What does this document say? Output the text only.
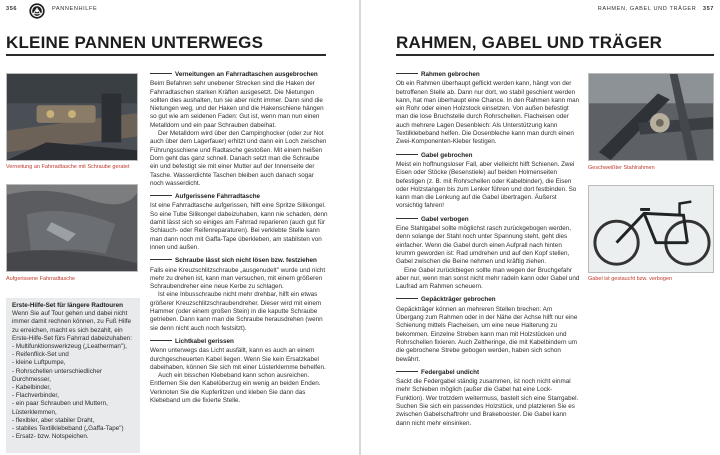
356	PANNENHILFE
KLEINE PANNEN UNTERWEGS
Verneitung an Fahrradtasche mit Schraube geratet
Aufgerissene Fahrradtasche
Erste-Hilfe-Set für längere Radtouren

Wenn Sie auf Tour gehen und dabei nicht immer damit rechnen können, zu Fuß Hilfe zu erreichen, macht es sich bezahlt, ein Erste-Hilfe-Set fürs Fahrrad dabeizuhaben:

- Multifunktionswerkzeug („Leatherman"),
- Reifenflick-Set und
- kleine Luftpumpe,
- Rohrschellen unterschiedlicher Durchmesser,
- Kabelbinder,
- Flachverbinder,
- ein paar Schrauben und Muttern, Lüsterklemmen,
- flexibler, aber stabiler Draht,
- stabiles Textilklebeband („Gaffa-Tape")
- Ersatz- bzw. Notspeichen.
Verneitungen an Fahrradtaschen ausgebrochen

Beim Befahren sehr unebener Strecken sind die Haken der Fahrradtaschen starken Kräften ausgesetzt. Die Nietungen sollten dies aushalten, tun sie aber nicht immer. Dann sind die Nietungen weg, und der Haken und die Hakenschiene hängen so gut wie am seidenen Faden: Gut ist, wenn man nun einen Metalldorn und ein paar Schrauben dabeihat.

Der Metalldorn wird über den Campinghocker (oder zur Not auch über dem Lagerfauer) erhitzt und dann ein Loch zwischen Führungsschiene und Radtasche gestoßen. Mit einem heißen Dorn geht das ganz schnell. Danach setzt man die Schraube ein und befestigt sie mit einer Mutter auf der Innenseite der Tasche. Wasserdichte Taschen bleiben auch danach sogar noch wasserdicht.

Aufgerissene Fahrradtasche

Ist eine Fahrradtasche aufgerissen, hilft eine Spritze Silikongel. So eine Tube Silikongel dabeizuhaben, kann nie schaden, denn damit lässt sich so einiges am Fahrrad reparieren (auch gut für Schlauch- oder Reifenreparaturen). Bei verklebte Stelle kann man dann noch mit Gaffa-Tape überkleben, am stabilsten von innen und außen.

Schraube lässt sich nicht lösen bzw. festziehen

Falls eine Kreuzschlitzschraube „ausgenudelt" wurde und nicht mehr zu drehen ist, kann man versuchen, mit einem größeren Schraubendreher eine neue Kerbe zu schlagen.

Ist eine Inbusschraube nicht mehr drehbar, hilft ein etwas größerer Kreuzschlitzschraubendreher. Dieser wird mit einem Hammer (oder einem großen Stein) in die kaputte Schraube getrieben. Dann kann man die Schraube herausdrehen (wenn sie denn nicht auch noch festsitzt).

Lichtkabel gerissen

Wenn unterwegs das Licht ausfällt, kann es auch an einem durchgescheuerten Kabel liegen. Wenn Sie kein Ersatzkabel dabeihaben, können Sie sich mit einer Lüsterklemme behelfen.

Auch ein bisschen Klebeband kann schon ausreichen. Entfernen Sie den Kabelüberzug ein wenig an beiden Enden. Verknoten Sie die Kupferlitzen und kleben Sie dann das Klebeband um die fixierte Stelle.

RAHMEN, GABEL UND TRÄGER 357
RAHMEN, GABEL UND TRÄGER
Rahmen gebrochen

Ob ein Rahmen überhaupt geflickt werden kann, hängt von der betroffenen Stelle ab. Dann nur dort, wo stabil geschient werden kann, hat man überhaupt eine Chance. In den Rahmen kann man ein Rohr oder einen Holzstock einsetzen. Von außen befestigt man die lose Bruchstelle durch Rohrschellen. Flacheisen oder auch mehrere Lagen Desenblech: Als Unterstützung kann Textilklebeband helfen. Die Dosenbleche kann man durch einen Zwei-Komponenten-Kleber festigen.

Gabel gebrochen

Meist ein hoffnungsloser Fall, aber vielleicht hilft Schienen. Zwei Eisen oder Stöcke (Besenstiele) auf beiden Holmenseiten befestigen (z. B. mit Rohrschellen oder Kabelbinder), die Eisen oder Holzstangen bis zum Lenker führen und dort festbinden. So kann man die Lenkung auf die Gabel übertragen. Äußerst vorsichtig fahren!

Gabel verbogen

Eine Stahlgabel sollte möglichst rasch zurückgebogen werden, denn solange der Stahl noch unter Spannung steht, geht dies einfacher. Wenn die Gabel durch einen Aufprall nach hinten krumm geworden ist: Rad umdrehen und auf den Kopf stellen, Gabel zwischen die Beine nehmen und kräftig ziehen.

Eine Gabel zurückbiegen sollte man wegen der Bruchgefahr aber nur, wenn man sonst nicht mehr radeln kann oder Gabel und Laufrad am Rahmen scheuern.

Gepäckträger gebrochen

Gepäckträger können an mehreren Stellen brechen: Am Übergang zum Rahmen oder in der Nähe der Achse hilft nur eine Schienung mittels Flacheisen, um eine neue Halterung zu bekommen. Einzelne Streben kann man mit Holzstücken und Rohrschellen fixieren. Auch Zeltheringe, die mit Kabelbindern um die gebrochene Strebe gebogen werden, haben sich schon bewährt.

Federgabel undicht

Sackt die Federgabel ständig zusammen, ist noch nicht einmal mehr Schieben möglich (außer die Gabel hat eine Lock-Funktion). Wer trotzdem weitermuss, bastelt sich eine Starrgabel. Suchen Sie sich ein passendes Holzstück, und platzieren Sie es zwischen Gabelschaftrohr und Brakebooster. Die Gabel kann dann nicht mehr einsinken.

Geschweißter Stahlrahmen
Gabel ist gestaucht bzw. verbogen
